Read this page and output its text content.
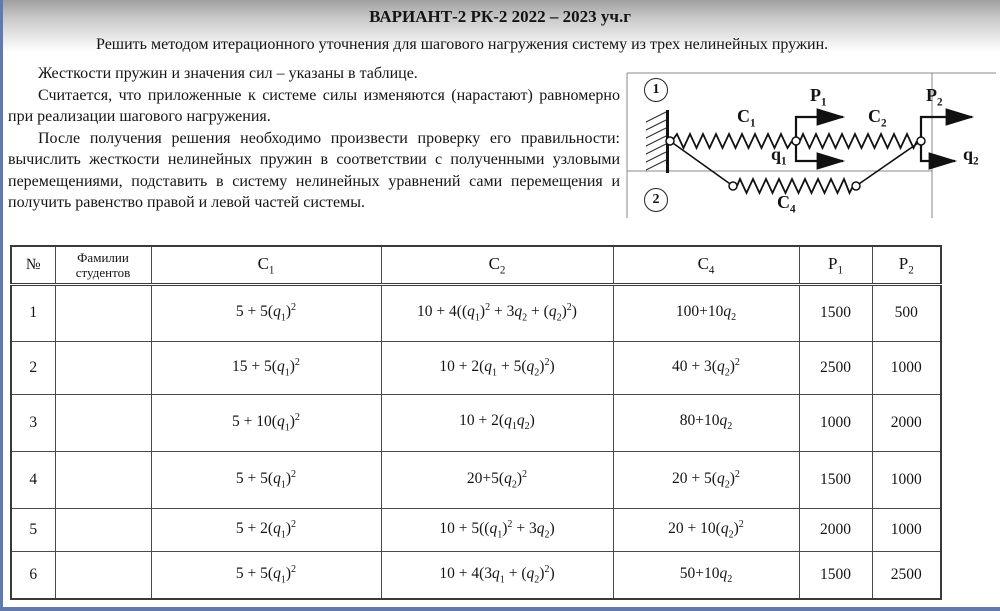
ВАРИАНТ-2 РК-2 2022 – 2023 уч.г
Решить методом итерационного уточнения для шагового нагружения систему из трех нелинейных пружин.

Жесткости пружин и значения сил – указаны в таблице.

Считается, что приложенные к системе силы изменяются (нарастают) равномерно при реализации шагового нагружения.

После получения решения необходимо произвести проверку его правильности: вычислить жесткости нелинейных пружин в соответствии с полученными узловыми перемещениями, подставить в систему нелинейных уравнений сами перемещения и получить равенство правой и левой частей системы.

1
2
$C_1$	$C_2$
$C_4$
$P_1$	$P_2$
$q_1$	$q_2$
№	Фамилии студентов	$C_1$	$C_2$	$C_4$	$P_1$	$P_2$
1		$5 + 5(q_1)^2$	$10 + 4((q_1)^2 + 3q_2 + (q_2)^2)$	$100+10q_2$	1500	500
2		$15 + 5(q_1)^2$	$10 + 2(q_1 + 5(q_2)^2)$	$40 + 3(q_2)^2$	2500	1000
3		$5 + 10(q_1)^2$	$10 + 2(q_1q_2)$	$80+10q_2$	1000	2000
4		$5 + 5(q_1)^2$	$20+5(q_2)^2$	$20 + 5(q_2)^2$	1500	1000
5		$5 + 2(q_1)^2$	$10 + 5((q_1)^2 + 3q_2)$	$20 + 10(q_2)^2$	2000	1000
6		$5 + 5(q_1)^2$	$10 + 4(3q_1 + (q_2)^2)$	$50+10q_2$	1500	2500
